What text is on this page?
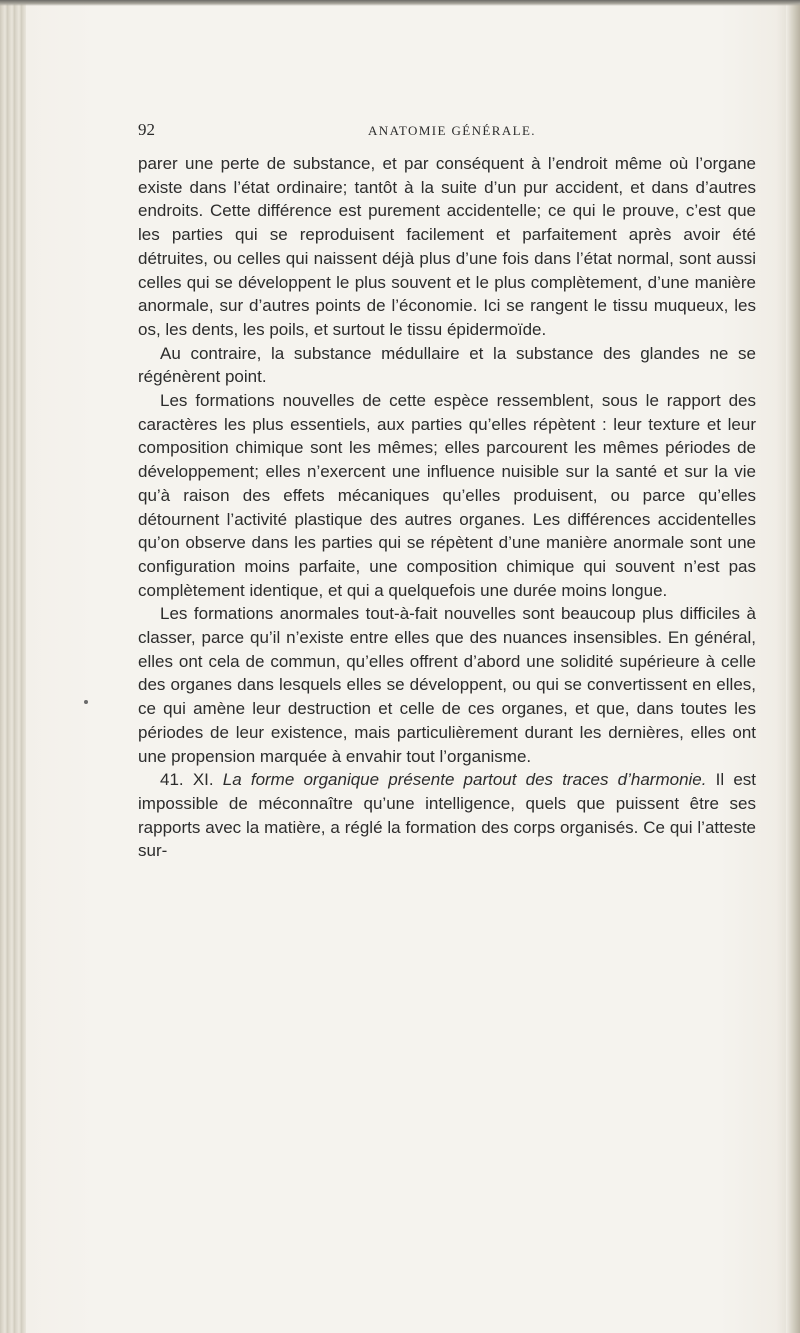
92	ANATOMIE GÉNÉRALE.

parer une perte de substance, et par conséquent à l’endroit même où l’organe existe dans l’état ordinaire; tantôt à la suite d’un pur accident, et dans d’autres endroits. Cette différence est purement accidentelle; ce qui le prouve, c’est que les parties qui se reproduisent facilement et parfaitement après avoir été détruites, ou celles qui naissent déjà plus d’une fois dans l’état normal, sont aussi celles qui se développent le plus souvent et le plus complètement, d’une manière anormale, sur d’autres points de l’économie. Ici se rangent le tissu muqueux, les os, les dents, les poils, et surtout le tissu épidermoïde.

Au contraire, la substance médullaire et la substance des glandes ne se régénèrent point.

Les formations nouvelles de cette espèce ressemblent, sous le rapport des caractères les plus essentiels, aux parties qu’elles répètent : leur texture et leur composition chimique sont les mêmes; elles parcourent les mêmes périodes de développement; elles n’exercent une influence nuisible sur la santé et sur la vie qu’à raison des effets mécaniques qu’elles produisent, ou parce qu’elles détournent l’activité plastique des autres organes. Les différences accidentelles qu’on observe dans les parties qui se répètent d’une manière anormale sont une configuration moins parfaite, une composition chimique qui souvent n’est pas complètement identique, et qui a quelquefois une durée moins longue.

Les formations anormales tout-à-fait nouvelles sont beaucoup plus difficiles à classer, parce qu’il n’existe entre elles que des nuances insensibles. En général, elles ont cela de commun, qu’elles offrent d’abord une solidité supérieure à celle des organes dans lesquels elles se développent, ou qui se convertissent en elles, ce qui amène leur destruction et celle de ces organes, et que, dans toutes les périodes de leur existence, mais particulièrement durant les dernières, elles ont une propension marquée à envahir tout l’organisme.

41. XI. La forme organique présente partout des traces d’harmonie. Il est impossible de méconnaître qu’une intelligence, quels que puissent être ses rapports avec la matière, a réglé la formation des corps organisés. Ce qui l’atteste sur-
